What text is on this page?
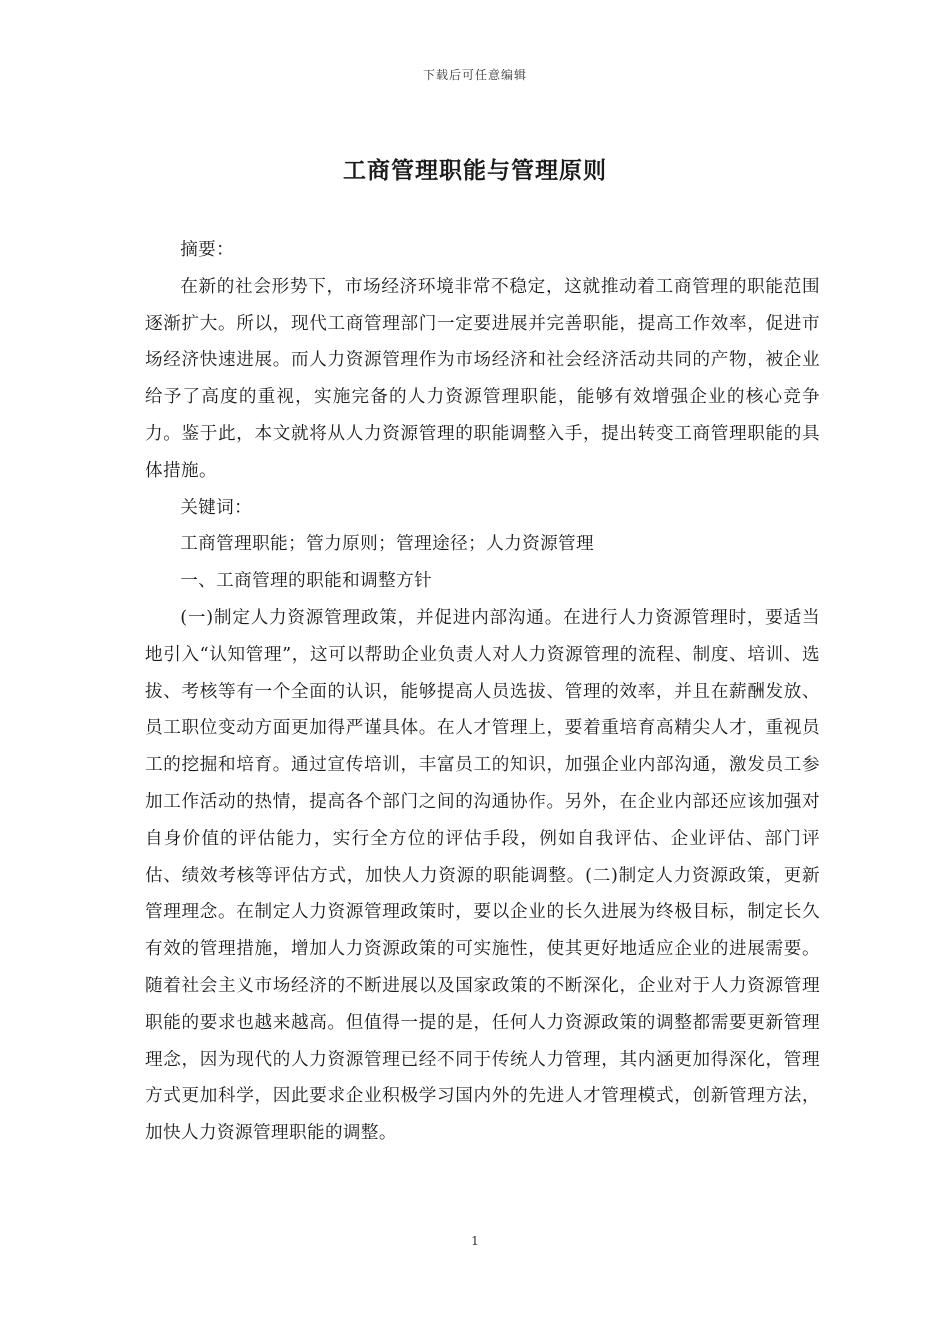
下载后可任意编辑
工商管理职能与管理原则

摘要：

在新的社会形势下，市场经济环境非常不稳定，这就推动着工商管理的职能范围逐渐扩大。所以，现代工商管理部门一定要进展并完善职能，提高工作效率，促进市场经济快速进展。而人力资源管理作为市场经济和社会经济活动共同的产物，被企业给予了高度的重视，实施完备的人力资源管理职能，能够有效增强企业的核心竞争力。鉴于此，本文就将从人力资源管理的职能调整入手，提出转变工商管理职能的具体措施。

关键词：

工商管理职能；管力原则；管理途径；人力资源管理

一、工商管理的职能和调整方针

(一)制定人力资源管理政策，并促进内部沟通。在进行人力资源管理时，要适当地引入“认知管理”，这可以帮助企业负责人对人力资源管理的流程、制度、培训、选拔、考核等有一个全面的认识，能够提高人员选拔、管理的效率，并且在薪酬发放、员工职位变动方面更加得严谨具体。在人才管理上，要着重培育高精尖人才，重视员工的挖掘和培育。通过宣传培训，丰富员工的知识，加强企业内部沟通，激发员工参加工作活动的热情，提高各个部门之间的沟通协作。另外，在企业内部还应该加强对自身价值的评估能力，实行全方位的评估手段，例如自我评估、企业评估、部门评估、绩效考核等评估方式，加快人力资源的职能调整。(二)制定人力资源政策，更新管理理念。在制定人力资源管理政策时，要以企业的长久进展为终极目标，制定长久有效的管理措施，增加人力资源政策的可实施性，使其更好地适应企业的进展需要。随着社会主义市场经济的不断进展以及国家政策的不断深化，企业对于人力资源管理职能的要求也越来越高。但值得一提的是，任何人力资源政策的调整都需要更新管理理念，因为现代的人力资源管理已经不同于传统人力管理，其内涵更加得深化，管理方式更加科学，因此要求企业积极学习国内外的先进人才管理模式，创新管理方法，加快人力资源管理职能的调整。

1
